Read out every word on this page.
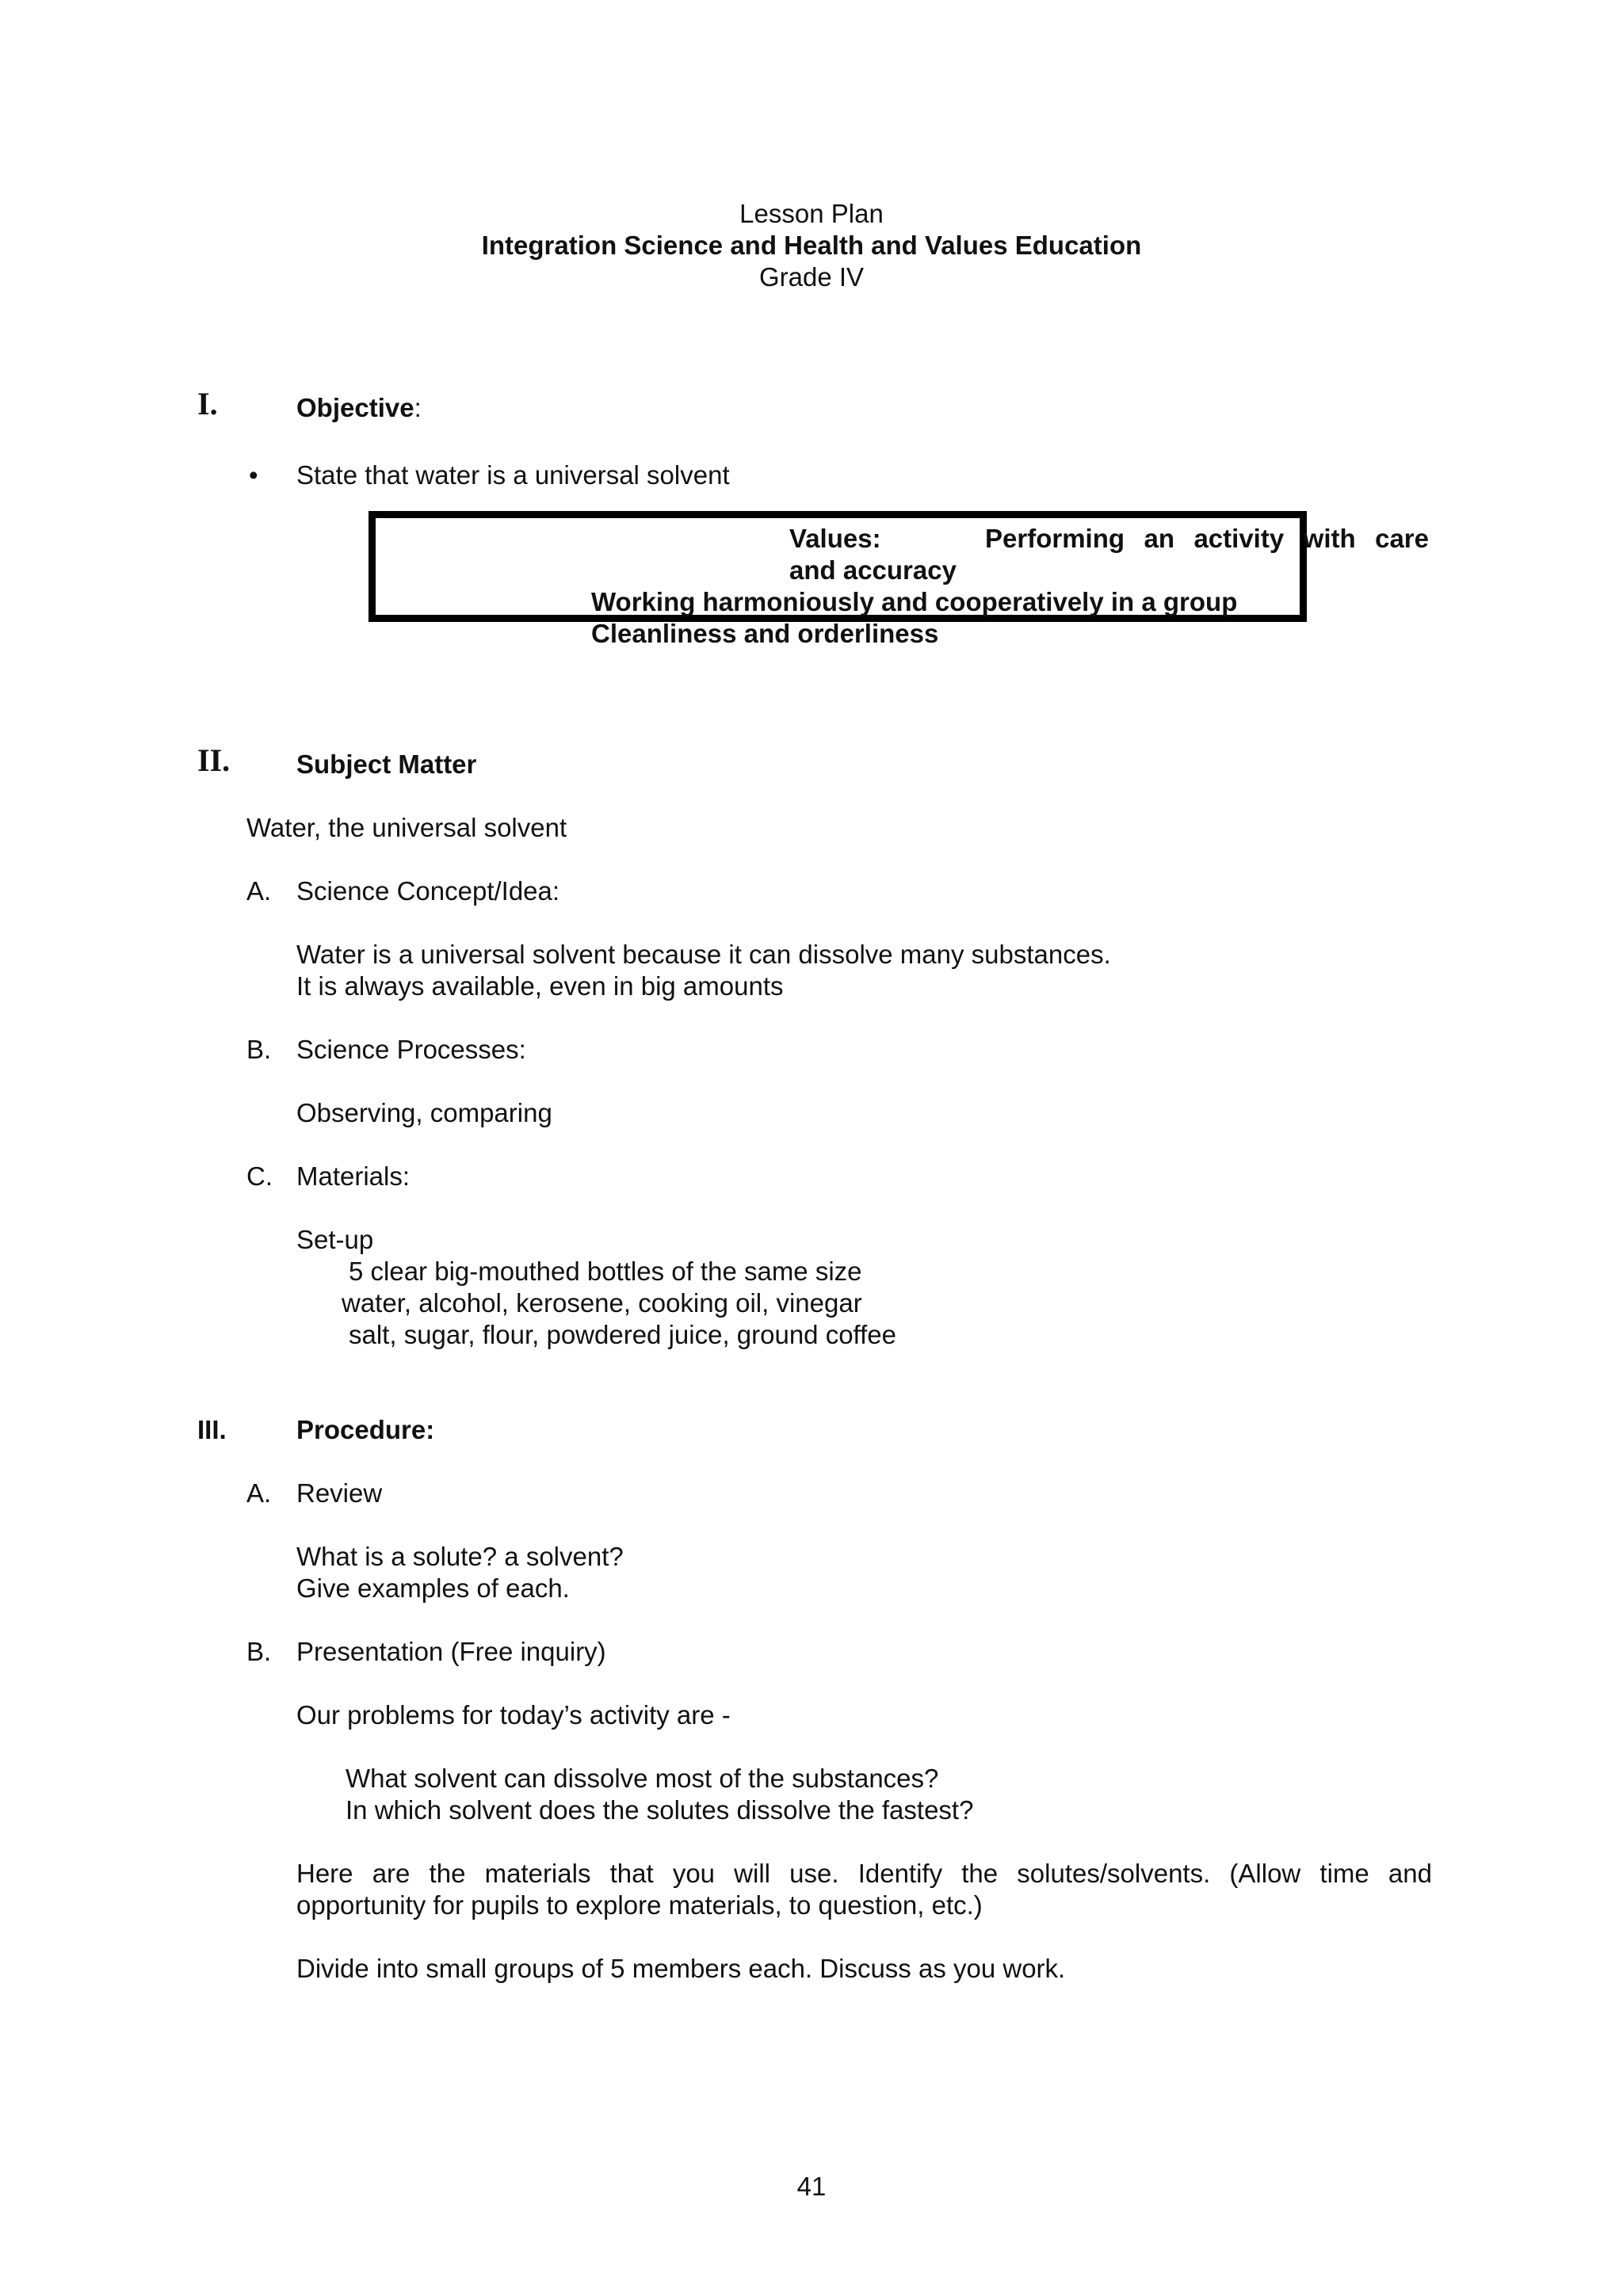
Lesson Plan
Integration Science and Health and Values Education
Grade IV
I.	Objective:
• State that water is a universal solvent
Values:	Performing an activity with care
and accuracy
Working harmoniously and cooperatively in a group
Cleanliness and orderliness
II.	Subject Matter
Water, the universal solvent
A. Science Concept/Idea:
Water is a universal solvent because it can dissolve many substances.
It is always available, even in big amounts
B. Science Processes:
Observing, comparing
C. Materials:
Set-up
5 clear big-mouthed bottles of the same size
water, alcohol, kerosene, cooking oil, vinegar
salt, sugar, flour, powdered juice, ground coffee
III.	Procedure:
A. Review
What is a solute? a solvent?
Give examples of each.
B. Presentation (Free inquiry)
Our problems for today’s activity are -
What solvent can dissolve most of the substances?
In which solvent does the solutes dissolve the fastest?
Here are the materials that you will use. Identify the solutes/solvents. (Allow time and
opportunity for pupils to explore materials, to question, etc.)
Divide into small groups of 5 members each. Discuss as you work.
41
